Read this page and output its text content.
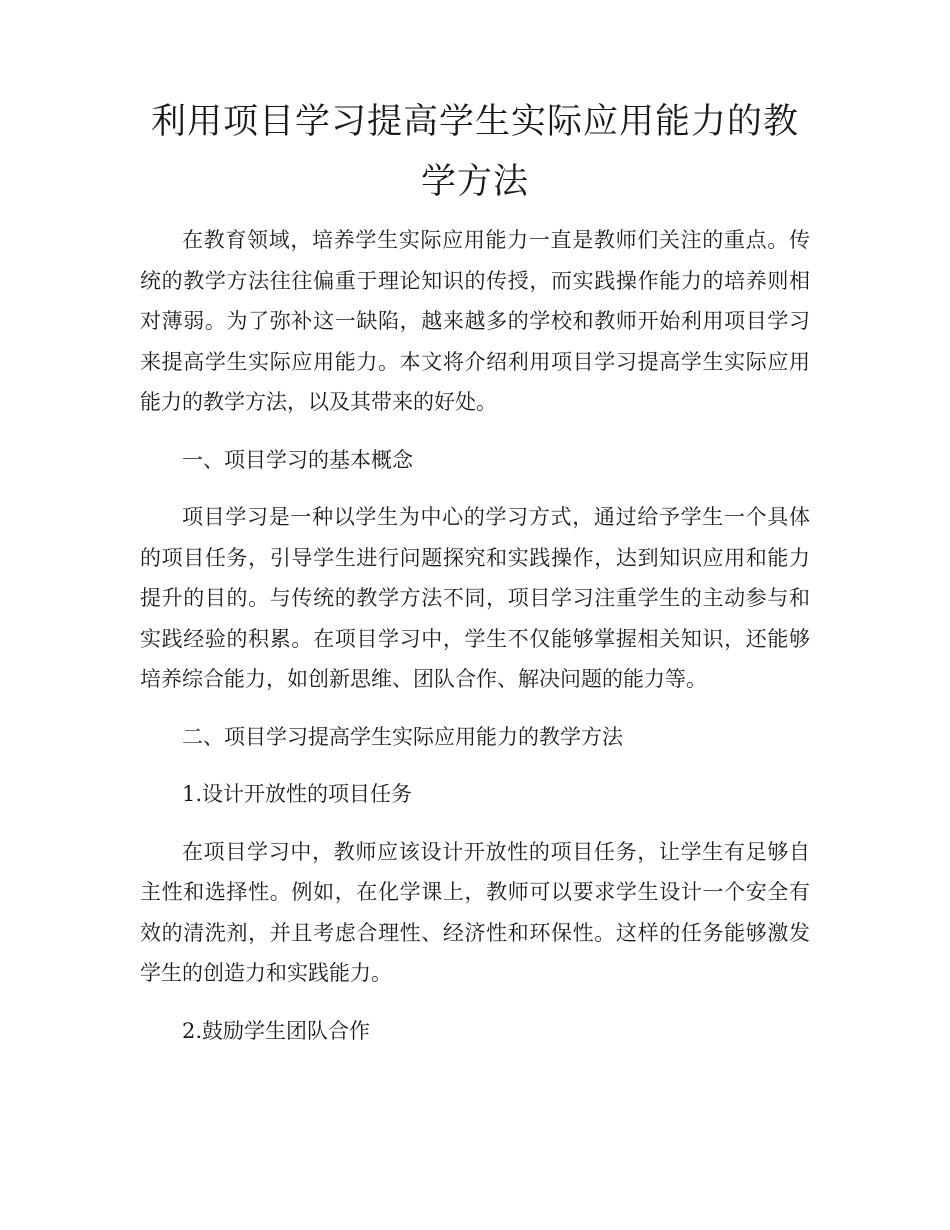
利用项目学习提高学生实际应用能力的教学方法

在教育领域，培养学生实际应用能力一直是教师们关注的重点。传统的教学方法往往偏重于理论知识的传授，而实践操作能力的培养则相对薄弱。为了弥补这一缺陷，越来越多的学校和教师开始利用项目学习来提高学生实际应用能力。本文将介绍利用项目学习提高学生实际应用能力的教学方法，以及其带来的好处。

一、项目学习的基本概念

项目学习是一种以学生为中心的学习方式，通过给予学生一个具体的项目任务，引导学生进行问题探究和实践操作，达到知识应用和能力提升的目的。与传统的教学方法不同，项目学习注重学生的主动参与和实践经验的积累。在项目学习中，学生不仅能够掌握相关知识，还能够培养综合能力，如创新思维、团队合作、解决问题的能力等。

二、项目学习提高学生实际应用能力的教学方法

1.设计开放性的项目任务

在项目学习中，教师应该设计开放性的项目任务，让学生有足够自主性和选择性。例如，在化学课上，教师可以要求学生设计一个安全有效的清洗剂，并且考虑合理性、经济性和环保性。这样的任务能够激发学生的创造力和实践能力。

2.鼓励学生团队合作
